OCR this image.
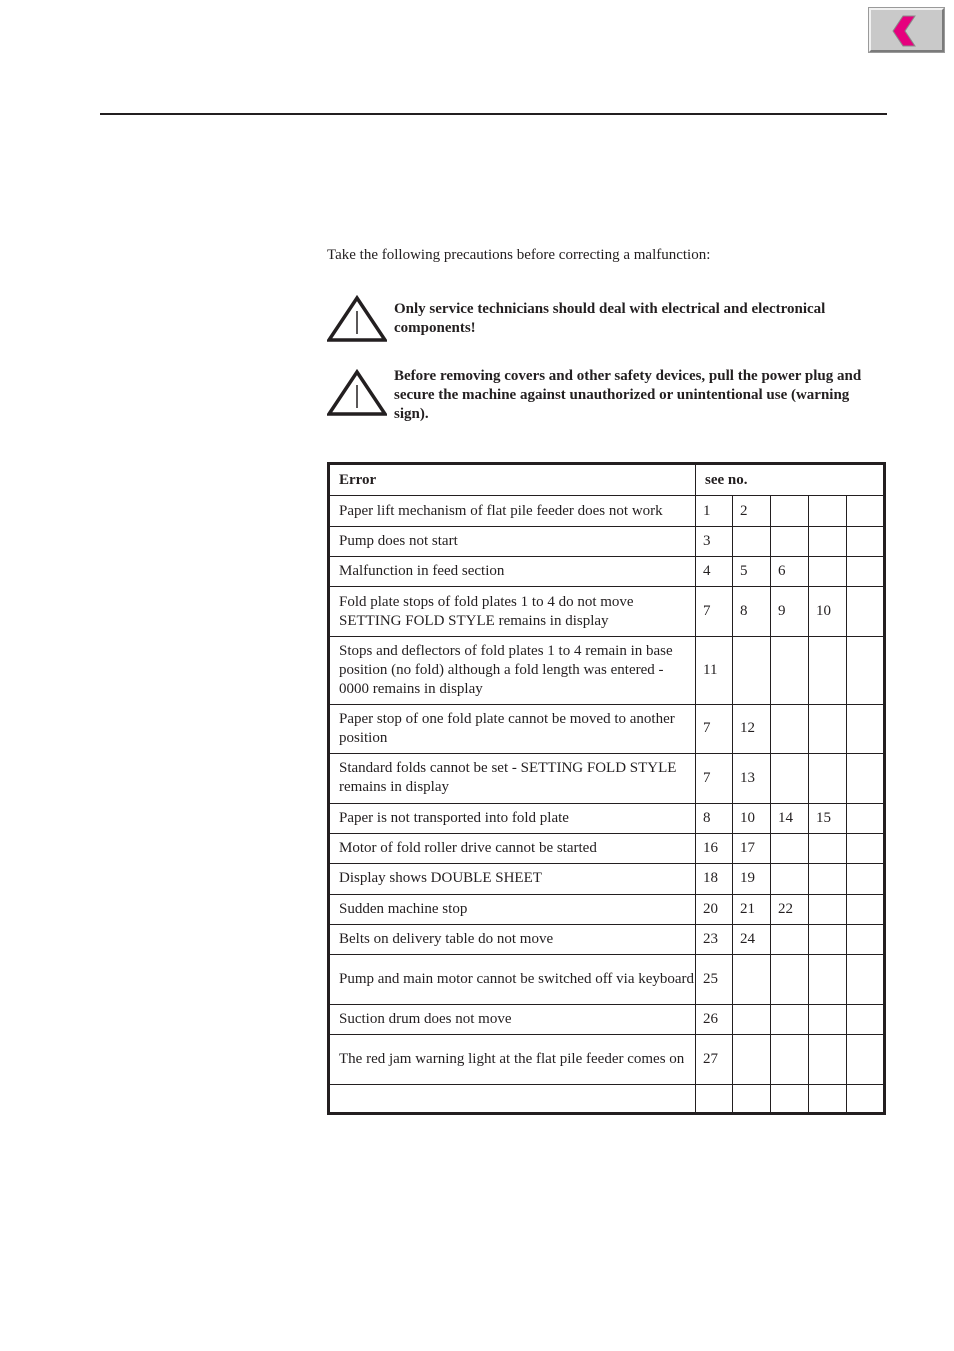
Take the following precautions before correcting a malfunction:
Only service technicians should deal with electrical and electronical components!
Before removing covers and other safety devices, pull the power plug and secure the machine against unauthorized or unintentional use (warning sign).
Error	see no.				
Paper lift mechanism of flat pile feeder does not work	1	2			
Pump does not start	3				
Malfunction in feed section	4	5	6		
Fold plate stops of fold plates 1 to 4 do not move SETTING FOLD STYLE remains in display	7	8	9	10	
Stops and deflectors of fold plates 1 to 4 remain in base position (no fold) although a fold length was entered - 0000 remains in display	11				
Paper stop of one fold plate cannot be moved to another position	7	12			
Standard folds cannot be set - SETTING FOLD STYLE remains in display	7	13			
Paper is not transported into fold plate	8	10	14	15	
Motor of fold roller drive cannot be started	16	17			
Display shows DOUBLE SHEET	18	19			
Sudden machine stop	20	21	22		
Belts on delivery table do not move	23	24			
Pump and main motor cannot be switched off via keyboard	25				
Suction drum does not move	26				
The red jam warning light at the flat pile feeder comes on	27				
